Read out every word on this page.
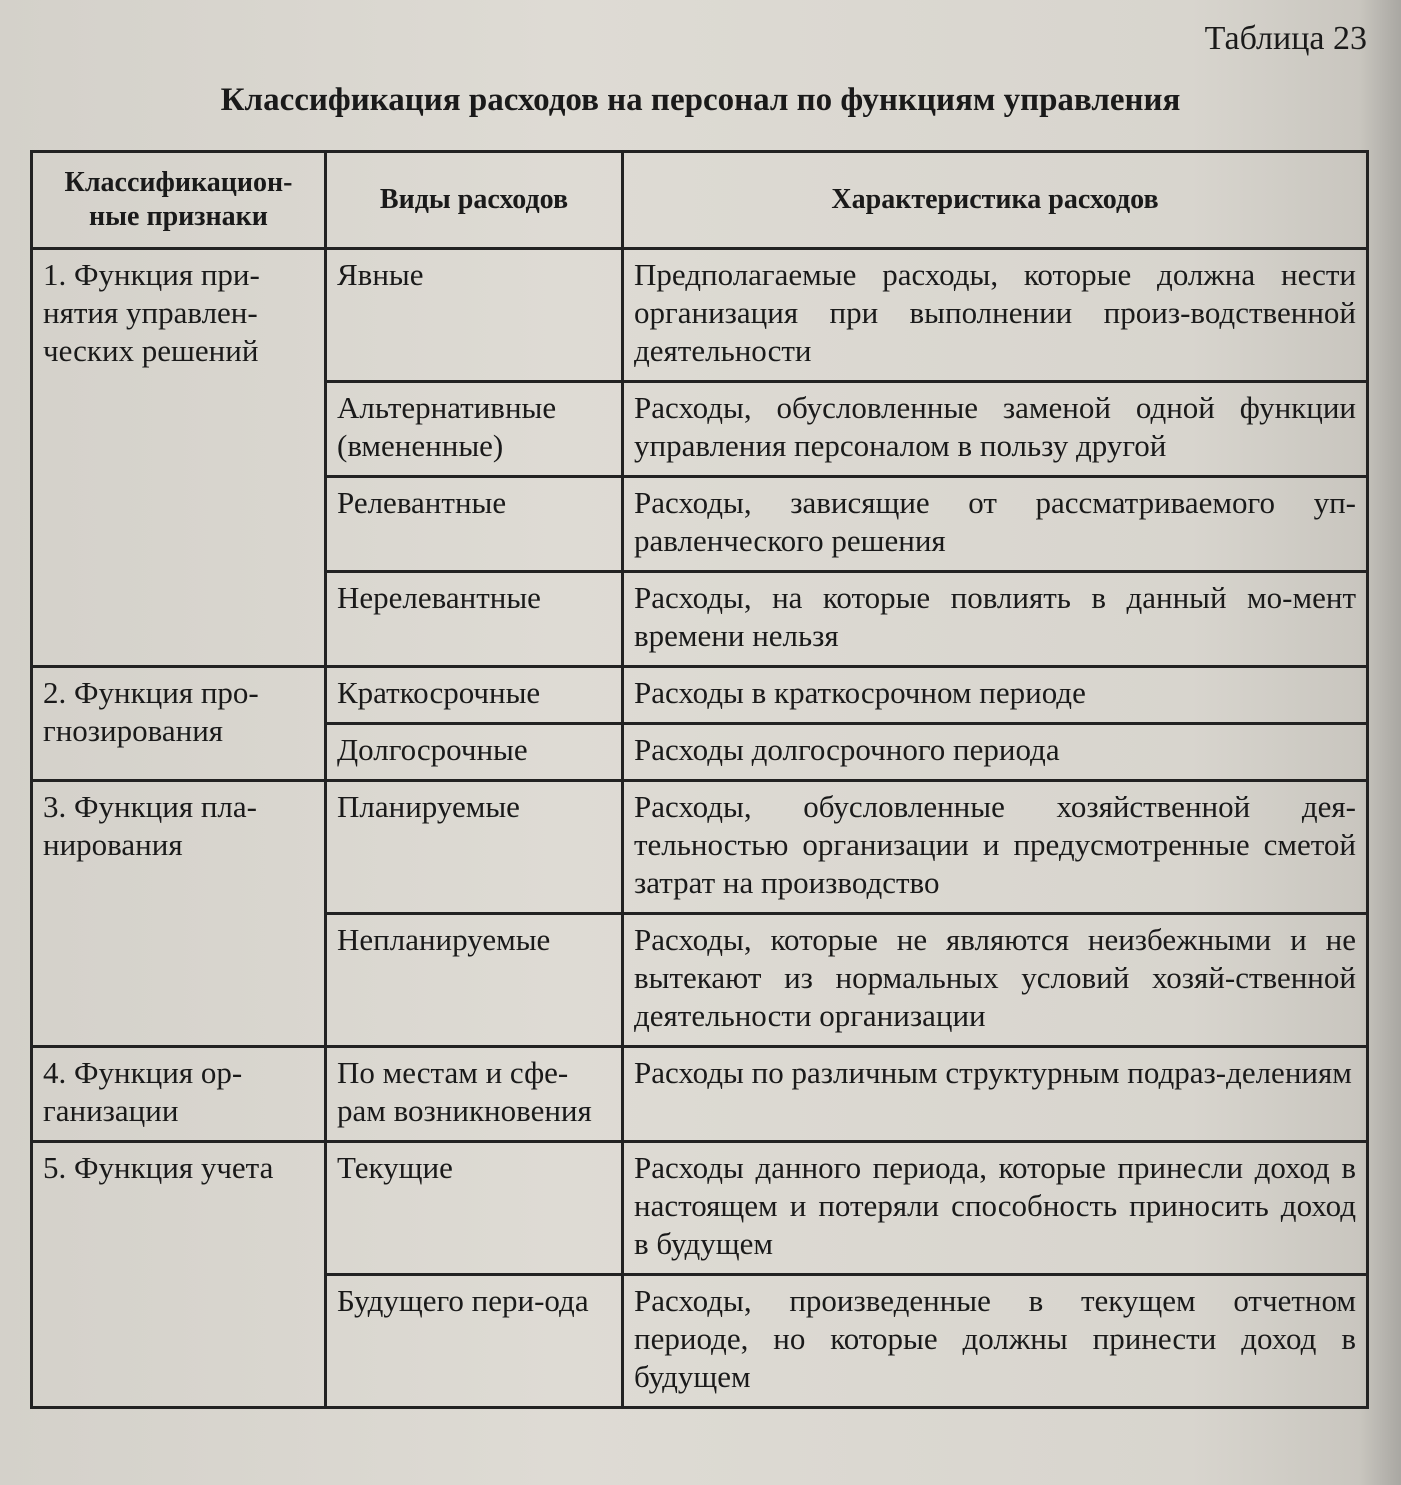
Таблица 23
Классификация расходов на персонал по функциям управления
Классификацион-ные признаки	Виды расходов	Характеристика расходов
1. Функция при-нятия управлен-ческих решений	Явные	Предполагаемые расходы, которые должна нести организация при выполнении произ-водственной деятельности
	Альтернативные (вмененные)	Расходы, обусловленные заменой одной функции управления персоналом в пользу другой
	Релевантные	Расходы, зависящие от рассматриваемого уп-равленческого решения
	Нерелевантные	Расходы, на которые повлиять в данный мо-мент времени нельзя
2. Функция про-гнозирования	Краткосрочные	Расходы в краткосрочном периоде
	Долгосрочные	Расходы долгосрочного периода
3. Функция пла-нирования	Планируемые	Расходы, обусловленные хозяйственной дея-тельностью организации и предусмотренные сметой затрат на производство
	Непланируемые	Расходы, которые не являются неизбежными и не вытекают из нормальных условий хозяй-ственной деятельности организации
4. Функция ор-ганизации	По местам и сфе-рам возникновения	Расходы по различным структурным подраз-делениям
5. Функция учета	Текущие	Расходы данного периода, которые принесли доход в настоящем и потеряли способность приносить доход в будущем
	Будущего пери-ода	Расходы, произведенные в текущем отчетном периоде, но которые должны принести доход в будущем
